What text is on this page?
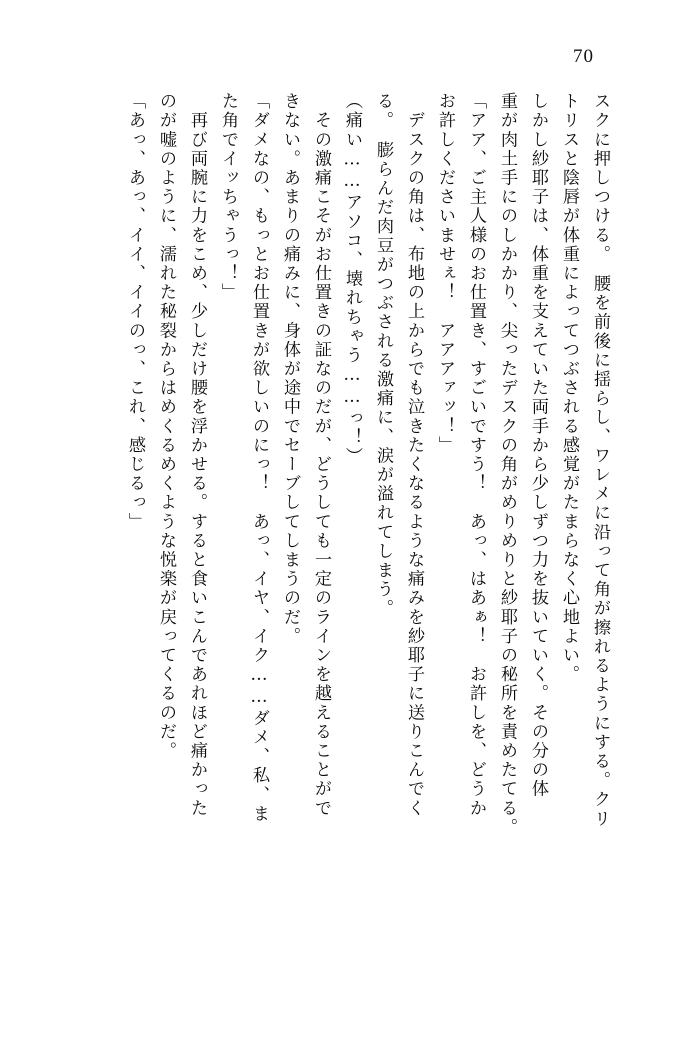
70
スクに押しつける。　腰を前後に揺らし、ワレメに沿って角が擦れるようにする。クリ
トリスと陰唇が体重によってつぶされる感覚がたまらなく心地よい。
しかし紗耶子は、体重を支えていた両手から少しずつ力を抜いていく。その分の体
重が肉土手にのしかかり、尖ったデスクの角がめりめりと紗耶子の秘所を責めたてる。
「アア、ご主人様のお仕置き、すごいですう！　あっ、はあぁ！　お許しを、どうか
お許しくださいませぇ！　アアアァッ！」
　デスクの角は、布地の上からでも泣きたくなるような痛みを紗耶子に送りこんでく
る。　膨らんだ肉豆がつぶされる激痛に、涙が溢れてしまう。
（痛い……アソコ、壊れちゃう……っ！）
　その激痛こそがお仕置きの証なのだが、どうしても一定のラインを越えることがで
きない。あまりの痛みに、身体が途中でセーブしてしまうのだ。
「ダメなの、もっとお仕置きが欲しいのにっ！　あっ、イヤ、イク……ダメ、私、ま
た角でイッちゃうっ！」
　再び両腕に力をこめ、少しだけ腰を浮かせる。すると食いこんであれほど痛かった
のが嘘のように、濡れた秘裂からはめくるめくような悦楽が戻ってくるのだ。
「あっ、あっ、イイ、イイのっ、これ、感じるっ」
